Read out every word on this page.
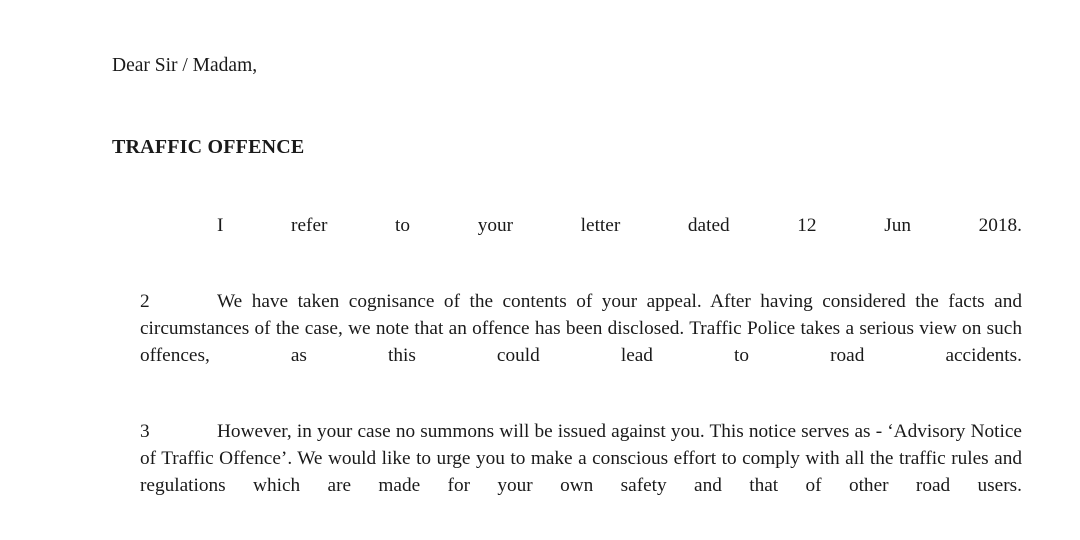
Dear Sir / Madam,
TRAFFIC OFFENCE

I refer to your letter dated 12 Jun 2018.

2	We have taken cognisance of the contents of your appeal. After having considered the facts and circumstances of the case, we note that an offence has been disclosed. Traffic Police takes a serious view on such offences, as this could lead to road accidents.

3	However, in your case no summons will be issued against you. This notice serves as - ‘Advisory Notice of Traffic Offence’. We would like to urge you to make a conscious effort to comply with all the traffic rules and regulations which are made for your own safety and that of other road users.
